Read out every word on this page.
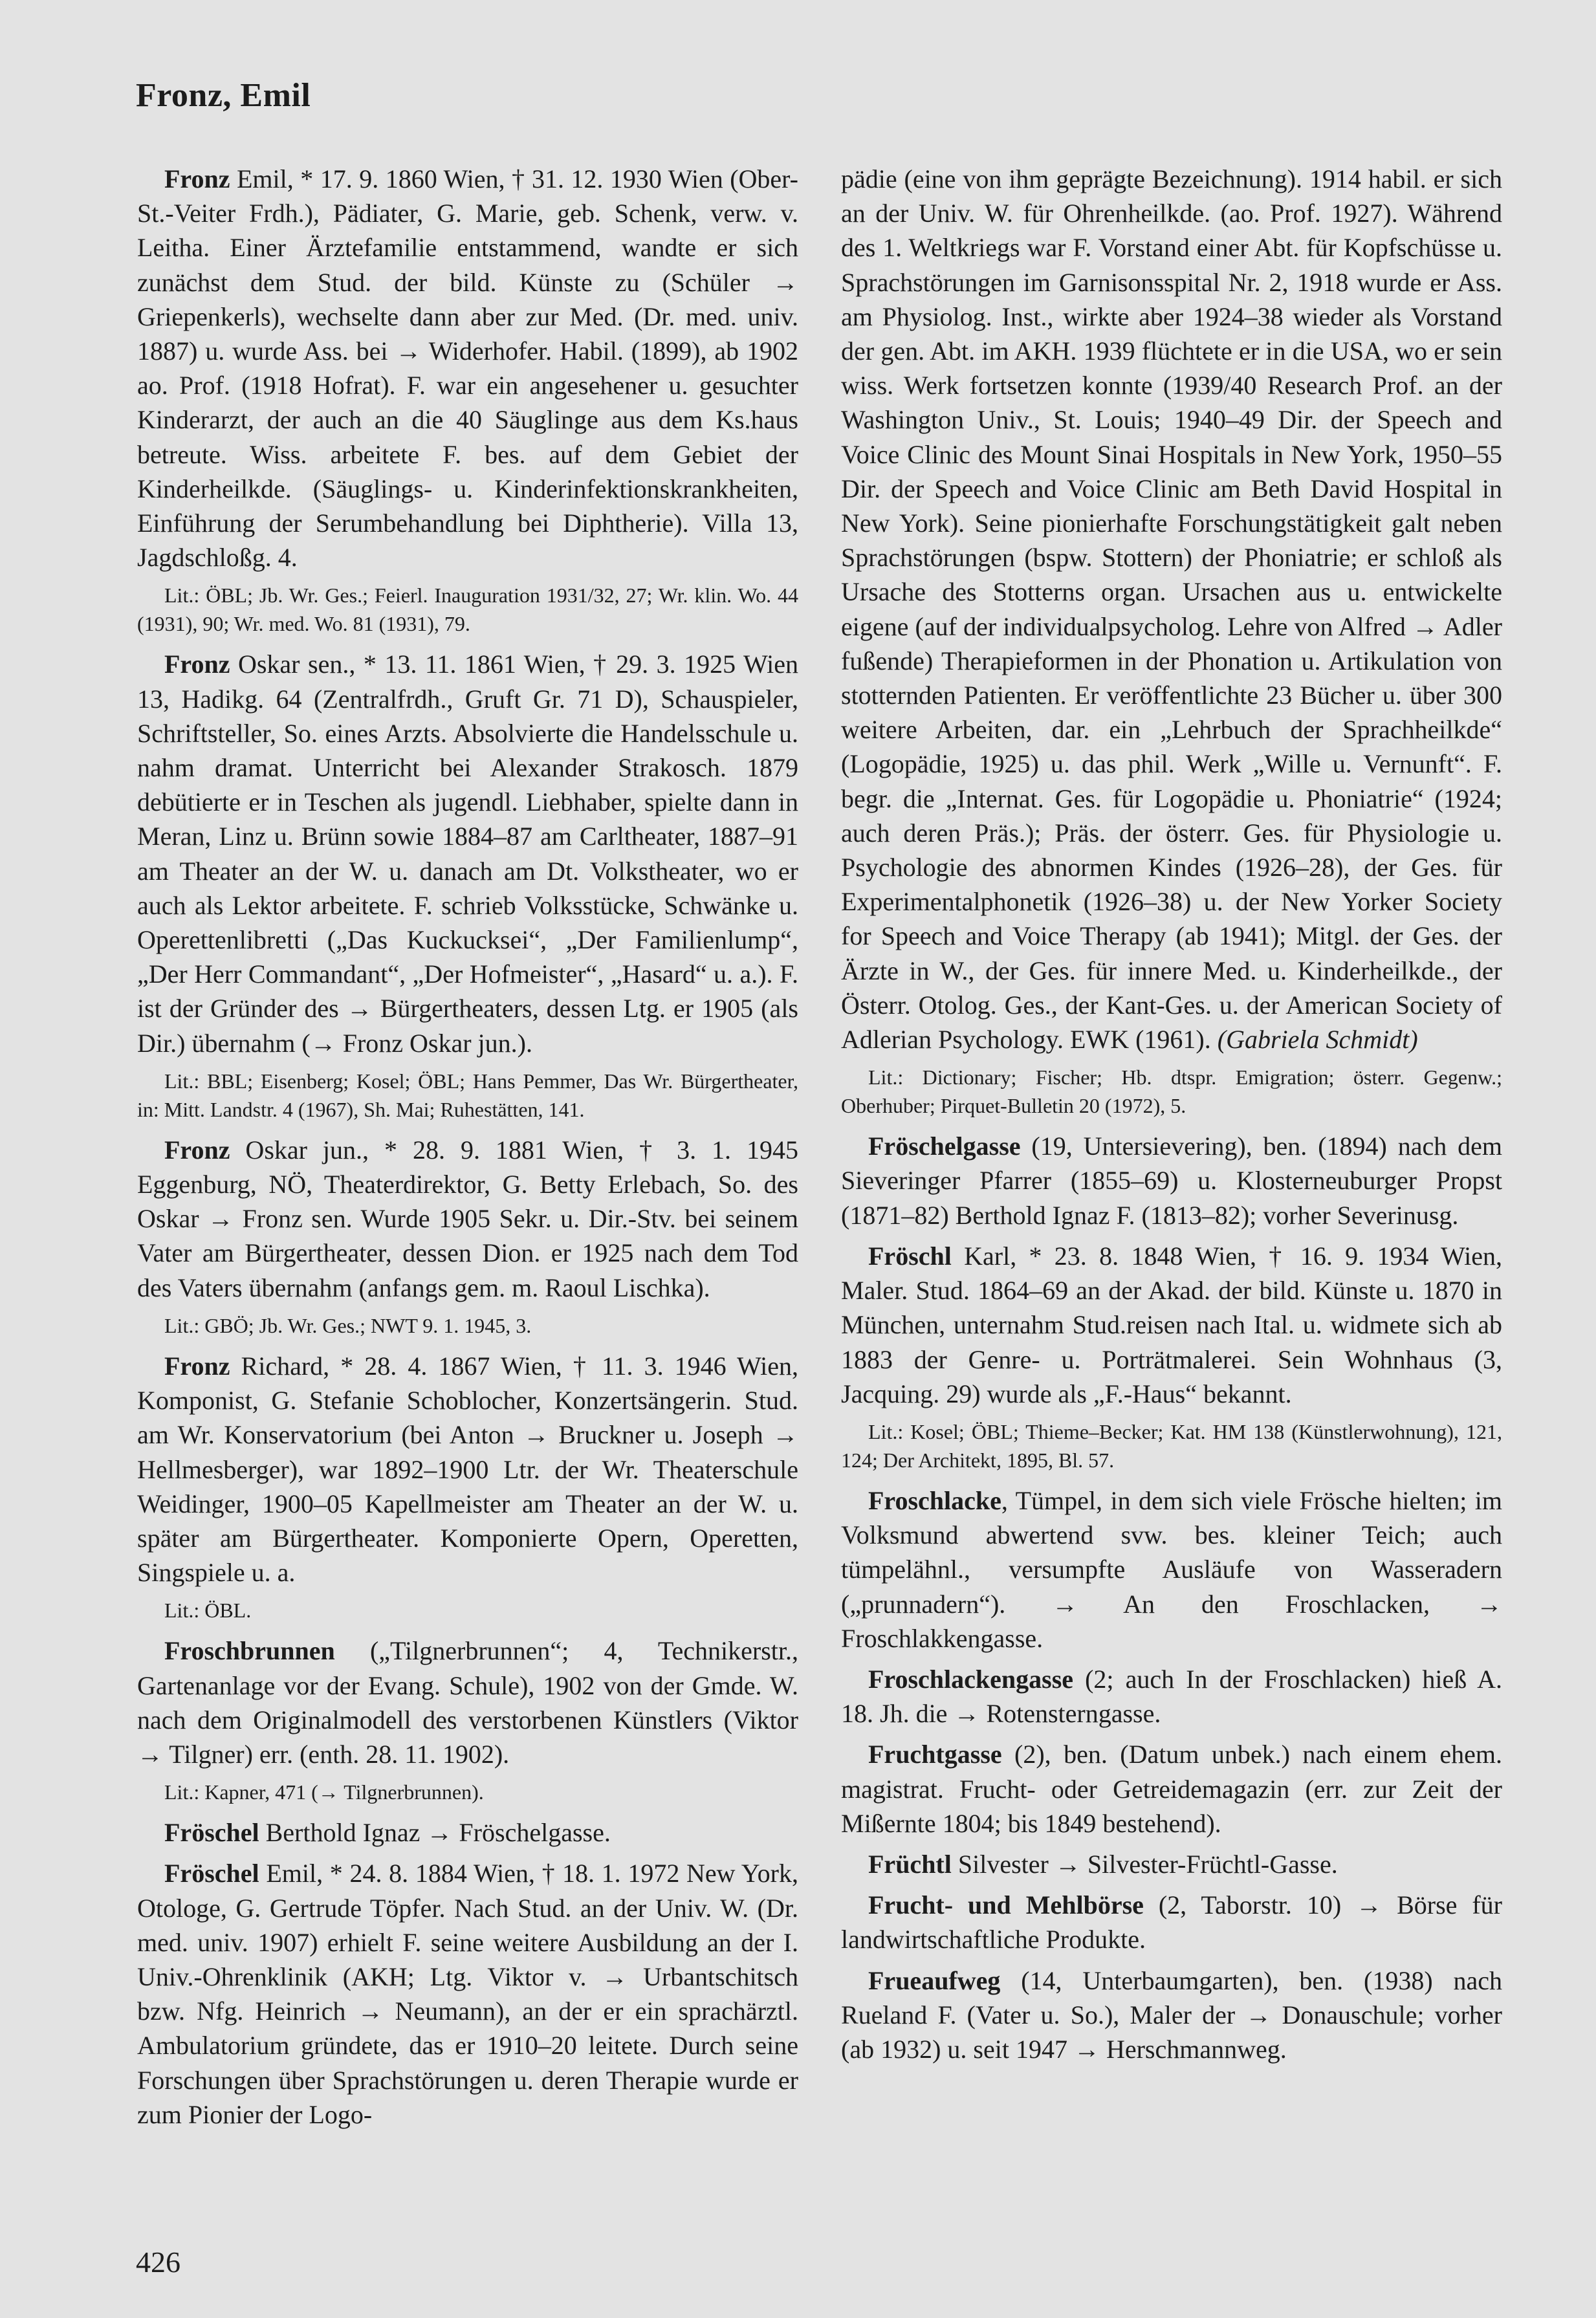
Fronz, Emil

Fronz Emil, * 17. 9. 1860 Wien, † 31. 12. 1930 Wien (Ober-St.-Veiter Frdh.), Pädiater, G. Marie, geb. Schenk, verw. v. Leitha. Einer Ärztefamilie entstammend, wandte er sich zunächst dem Stud. der bild. Künste zu (Schüler → Griepenkerls), wechselte dann aber zur Med. (Dr. med. univ. 1887) u. wurde Ass. bei → Widerhofer. Habil. (1899), ab 1902 ao. Prof. (1918 Hofrat). F. war ein angesehener u. gesuchter Kinderarzt, der auch an die 40 Säuglinge aus dem Ks.haus betreute. Wiss. arbeitete F. bes. auf dem Gebiet der Kinderheilkde. (Säuglings- u. Kinderinfektionskrankheiten, Einführung der Serumbehandlung bei Diphtherie). Villa 13, Jagdschloßg. 4.

Lit.: ÖBL; Jb. Wr. Ges.; Feierl. Inauguration 1931/32, 27; Wr. klin. Wo. 44 (1931), 90; Wr. med. Wo. 81 (1931), 79.

Fronz Oskar sen., * 13. 11. 1861 Wien, † 29. 3. 1925 Wien 13, Hadikg. 64 (Zentralfrdh., Gruft Gr. 71 D), Schauspieler, Schriftsteller, So. eines Arzts. Absolvierte die Handelsschule u. nahm dramat. Unterricht bei Alexander Strakosch. 1879 debütierte er in Teschen als jugendl. Liebhaber, spielte dann in Meran, Linz u. Brünn sowie 1884–87 am Carltheater, 1887–91 am Theater an der W. u. danach am Dt. Volkstheater, wo er auch als Lektor arbeitete. F. schrieb Volksstücke, Schwänke u. Operettenlibretti („Das Kuckucksei“, „Der Familienlump“, „Der Herr Commandant“, „Der Hofmeister“, „Hasard“ u. a.). F. ist der Gründer des → Bürgertheaters, dessen Ltg. er 1905 (als Dir.) übernahm (→ Fronz Oskar jun.).

Lit.: BBL; Eisenberg; Kosel; ÖBL; Hans Pemmer, Das Wr. Bürgertheater, in: Mitt. Landstr. 4 (1967), Sh. Mai; Ruhestätten, 141.

Fronz Oskar jun., * 28. 9. 1881 Wien, † 3. 1. 1945 Eggenburg, NÖ, Theaterdirektor, G. Betty Erlebach, So. des Oskar → Fronz sen. Wurde 1905 Sekr. u. Dir.-Stv. bei seinem Vater am Bürgertheater, dessen Dion. er 1925 nach dem Tod des Vaters übernahm (anfangs gem. m. Raoul Lischka).

Lit.: GBÖ; Jb. Wr. Ges.; NWT 9. 1. 1945, 3.

Fronz Richard, * 28. 4. 1867 Wien, † 11. 3. 1946 Wien, Komponist, G. Stefanie Schoblocher, Konzertsängerin. Stud. am Wr. Konservatorium (bei Anton → Bruckner u. Joseph → Hellmesberger), war 1892–1900 Ltr. der Wr. Theaterschule Weidinger, 1900–05 Kapellmeister am Theater an der W. u. später am Bürgertheater. Komponierte Opern, Operetten, Singspiele u. a.

Lit.: ÖBL.

Froschbrunnen („Tilgnerbrunnen“; 4, Technikerstr., Gartenanlage vor der Evang. Schule), 1902 von der Gmde. W. nach dem Originalmodell des verstorbenen Künstlers (Viktor → Tilgner) err. (enth. 28. 11. 1902).

Lit.: Kapner, 471 (→ Tilgnerbrunnen).

Fröschel Berthold Ignaz → Fröschelgasse.

Fröschel Emil, * 24. 8. 1884 Wien, † 18. 1. 1972 New York, Otologe, G. Gertrude Töpfer. Nach Stud. an der Univ. W. (Dr. med. univ. 1907) erhielt F. seine weitere Ausbildung an der I. Univ.-Ohrenklinik (AKH; Ltg. Viktor v. → Urbantschitsch bzw. Nfg. Heinrich → Neumann), an der er ein sprachärztl. Ambulatorium gründete, das er 1910–20 leitete. Durch seine Forschungen über Sprachstörungen u. deren Therapie wurde er zum Pionier der Logo-

pädie (eine von ihm geprägte Bezeichnung). 1914 habil. er sich an der Univ. W. für Ohrenheilkde. (ao. Prof. 1927). Während des 1. Weltkriegs war F. Vorstand einer Abt. für Kopfschüsse u. Sprachstörungen im Garnisonsspital Nr. 2, 1918 wurde er Ass. am Physiolog. Inst., wirkte aber 1924–38 wieder als Vorstand der gen. Abt. im AKH. 1939 flüchtete er in die USA, wo er sein wiss. Werk fortsetzen konnte (1939/40 Research Prof. an der Washington Univ., St. Louis; 1940–49 Dir. der Speech and Voice Clinic des Mount Sinai Hospitals in New York, 1950–55 Dir. der Speech and Voice Clinic am Beth David Hospital in New York). Seine pionierhafte Forschungstätigkeit galt neben Sprachstörungen (bspw. Stottern) der Phoniatrie; er schloß als Ursache des Stotterns organ. Ursachen aus u. entwickelte eigene (auf der individualpsycholog. Lehre von Alfred → Adler fußende) Therapieformen in der Phonation u. Artikulation von stotternden Patienten. Er veröffentlichte 23 Bücher u. über 300 weitere Arbeiten, dar. ein „Lehrbuch der Sprachheilkde“ (Logopädie, 1925) u. das phil. Werk „Wille u. Vernunft“. F. begr. die „Internat. Ges. für Logopädie u. Phoniatrie“ (1924; auch deren Präs.); Präs. der österr. Ges. für Physiologie u. Psychologie des abnormen Kindes (1926–28), der Ges. für Experimentalphonetik (1926–38) u. der New Yorker Society for Speech and Voice Therapy (ab 1941); Mitgl. der Ges. der Ärzte in W., der Ges. für innere Med. u. Kinderheilkde., der Österr. Otolog. Ges., der Kant-Ges. u. der American Society of Adlerian Psychology. EWK (1961). (Gabriela Schmidt)

Lit.: Dictionary; Fischer; Hb. dtspr. Emigration; österr. Gegenw.; Oberhuber; Pirquet-Bulletin 20 (1972), 5.

Fröschelgasse (19, Untersievering), ben. (1894) nach dem Sieveringer Pfarrer (1855–69) u. Klosterneuburger Propst (1871–82) Berthold Ignaz F. (1813–82); vorher Severinusg.

Fröschl Karl, * 23. 8. 1848 Wien, † 16. 9. 1934 Wien, Maler. Stud. 1864–69 an der Akad. der bild. Künste u. 1870 in München, unternahm Stud.reisen nach Ital. u. widmete sich ab 1883 der Genre- u. Porträtmalerei. Sein Wohnhaus (3, Jacquing. 29) wurde als „F.-Haus“ bekannt.

Lit.: Kosel; ÖBL; Thieme–Becker; Kat. HM 138 (Künstlerwohnung), 121, 124; Der Architekt, 1895, Bl. 57.

Froschlacke, Tümpel, in dem sich viele Frösche hielten; im Volksmund abwertend svw. bes. kleiner Teich; auch tümpelähnl., versumpfte Ausläufe von Wasseradern („prunnadern“). → An den Froschlacken, → Froschlakkengasse.

Froschlackengasse (2; auch In der Froschlacken) hieß A. 18. Jh. die → Rotensterngasse.

Fruchtgasse (2), ben. (Datum unbek.) nach einem ehem. magistrat. Frucht- oder Getreidemagazin (err. zur Zeit der Mißernte 1804; bis 1849 bestehend).

Früchtl Silvester → Silvester-Früchtl-Gasse.

Frucht- und Mehlbörse (2, Taborstr. 10) → Börse für landwirtschaftliche Produkte.

Frueaufweg (14, Unterbaumgarten), ben. (1938) nach Rueland F. (Vater u. So.), Maler der → Donauschule; vorher (ab 1932) u. seit 1947 → Herschmannweg.

426
